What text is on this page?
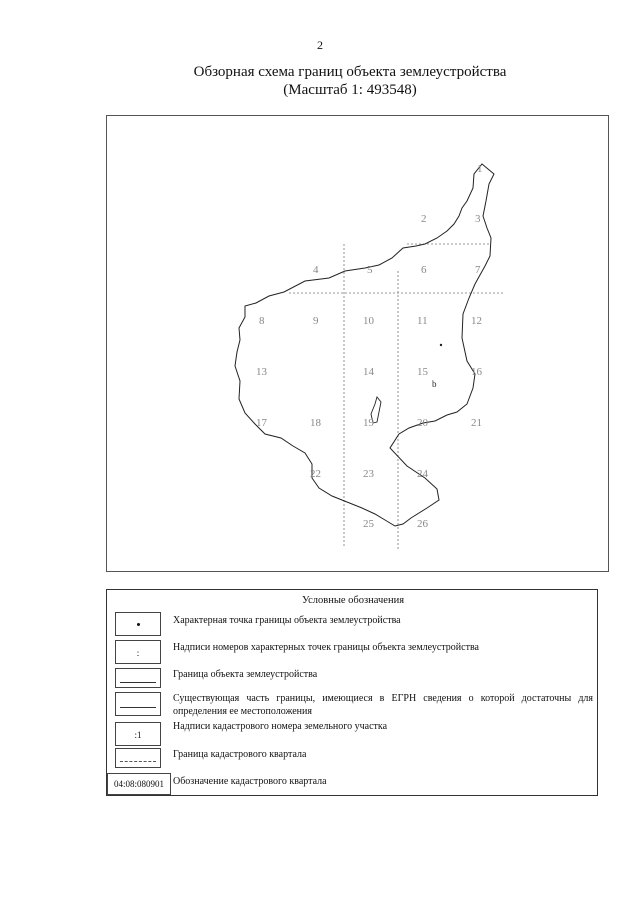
2
Обзорная схема границ объекта землеустройства
(Масштаб 1: 493548)
b
1
2	3
4	5	6	7
8	9	10	11	12
13	14	15	16
17	18	19	20	21
22	23	24
25	26
Условные обозначения
Характерная точка границы объекта землеустройства
:	Надписи номеров характерных точек границы объекта землеустройства
Граница объекта землеустройства
Существующая часть границы, имеющиеся в ЕГРН сведения о которой достаточны для определения ее местоположения
:1
Надписи кадастрового номера земельного участка
Граница кадастрового квартала
04:08:080901 Обозначение кадастрового квартала
